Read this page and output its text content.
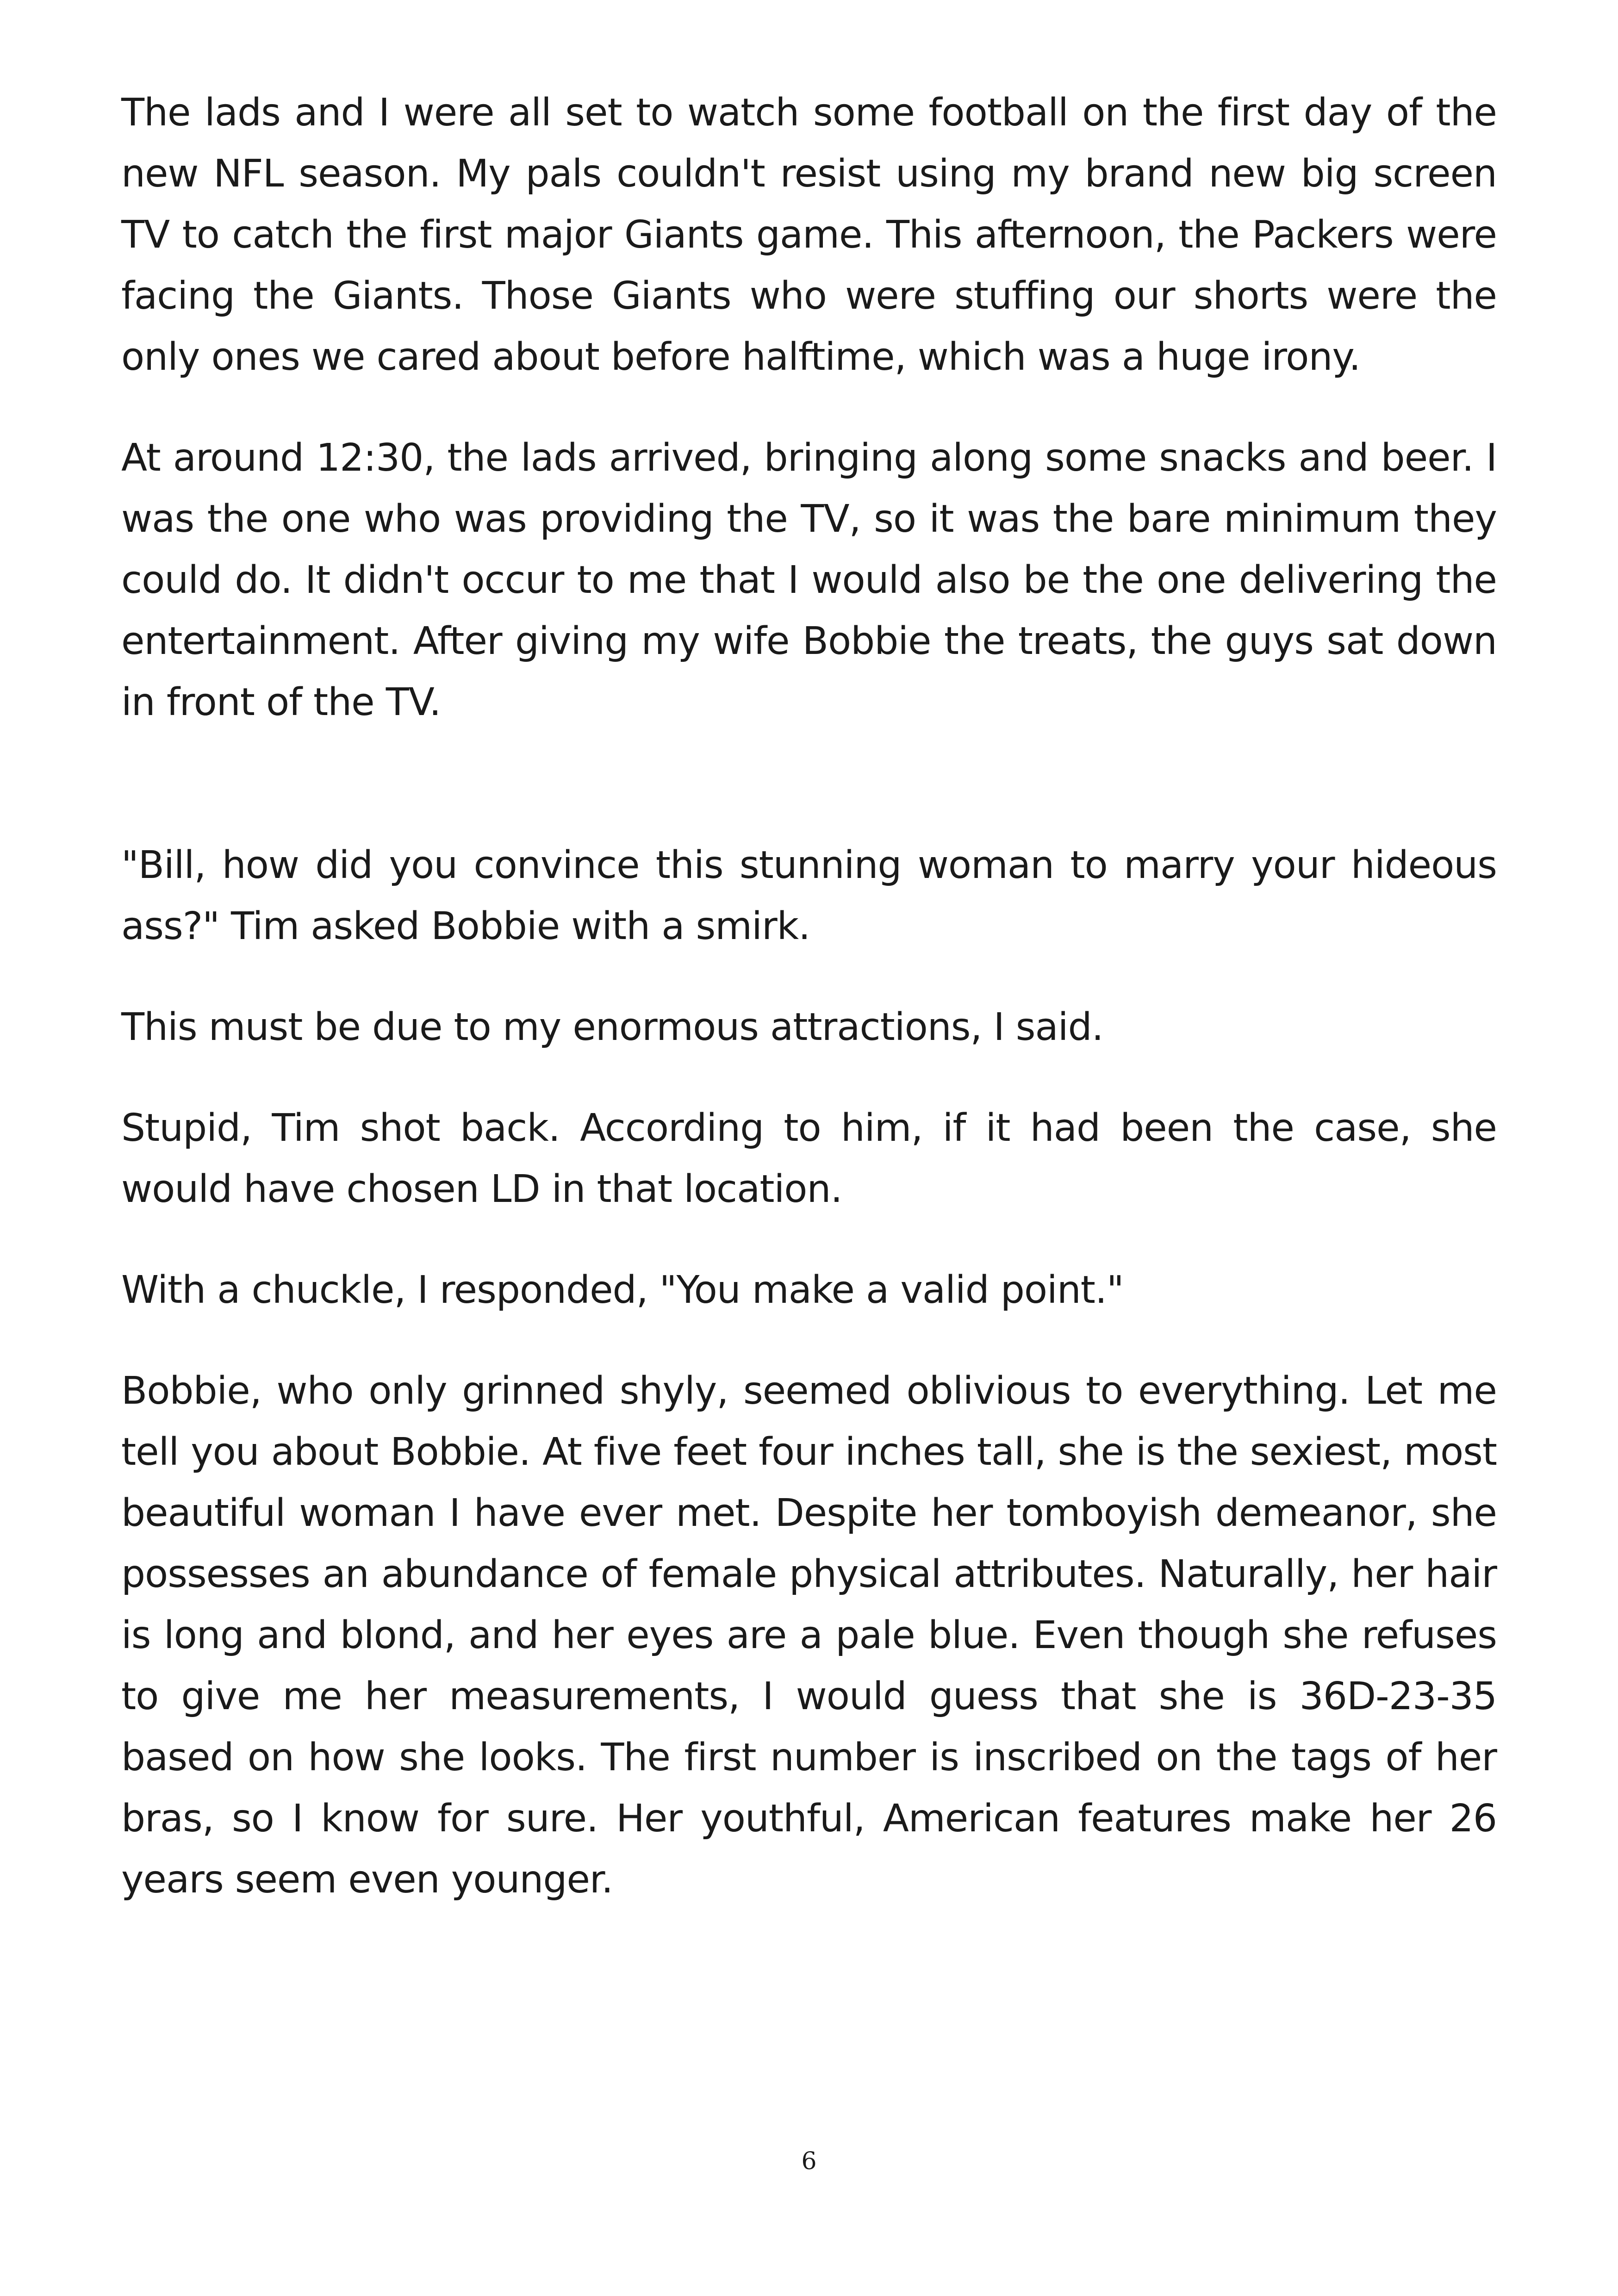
The lads and I were all set to watch some football on the first day of the new NFL season. My pals couldn't resist using my brand new big screen TV to catch the first major Giants game. This afternoon, the Packers were facing the Giants. Those Giants who were stuffing our shorts were the only ones we cared about before halftime, which was a huge irony.

At around 12:30, the lads arrived, bringing along some snacks and beer. I was the one who was providing the TV, so it was the bare minimum they could do. It didn't occur to me that I would also be the one delivering the entertainment. After giving my wife Bobbie the treats, the guys sat down in front of the TV.

"Bill, how did you convince this stunning woman to marry your hideous ass?" Tim asked Bobbie with a smirk.

This must be due to my enormous attractions, I said.

Stupid, Tim shot back. According to him, if it had been the case, she would have chosen LD in that location.

With a chuckle, I responded, "You make a valid point."

Bobbie, who only grinned shyly, seemed oblivious to everything. Let me tell you about Bobbie. At five feet four inches tall, she is the sexiest, most beautiful woman I have ever met. Despite her tomboyish demeanor, she possesses an abundance of female physical attributes. Naturally, her hair is long and blond, and her eyes are a pale blue. Even though she refuses to give me her measurements, I would guess that she is 36D-23-35 based on how she looks. The first number is inscribed on the tags of her bras, so I know for sure. Her youthful, American features make her 26 years seem even younger.

6
